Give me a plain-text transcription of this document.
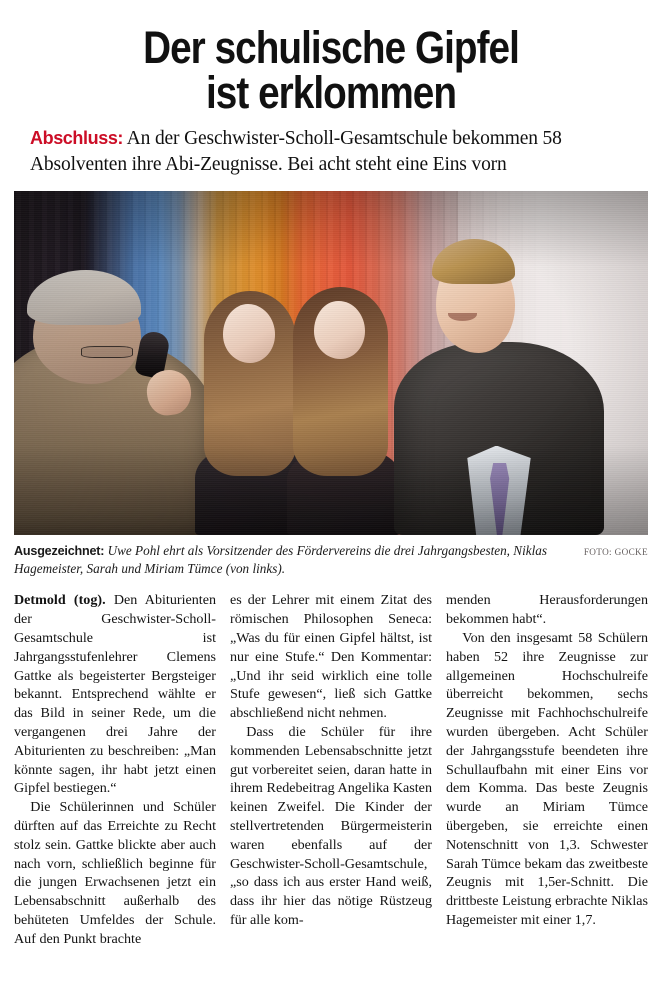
Der schulische Gipfel
ist erklommen

Abschluss: An der Geschwister-Scholl-Gesamtschule bekommen 58 Absolventen ihre Abi-Zeugnisse. Bei acht steht eine Eins vorn

FOTO: GOCKE
Ausgezeichnet: Uwe Pohl ehrt als Vorsitzender des Fördervereins die drei Jahrgangsbesten, Niklas Hagemeister, Sarah und Miriam Tümce (von links).

Detmold (tog). Den Abiturienten der Geschwister-Scholl-Gesamtschule ist Jahrgangsstufenlehrer Clemens Gattke als begeisterter Bergsteiger bekannt. Entsprechend wählte er das Bild in seiner Rede, um die vergangenen drei Jahre der Abiturienten zu beschreiben: „Man könnte sagen, ihr habt jetzt einen Gipfel bestiegen.“

Die Schülerinnen und Schüler dürften auf das Erreichte zu Recht stolz sein. Gattke blickte aber auch nach vorn, schließlich beginne für die jungen Erwachsenen jetzt ein Lebensabschnitt außerhalb des behüteten Umfeldes der Schule. Auf den Punkt brachte

es der Lehrer mit einem Zitat des römischen Philosophen Seneca: „Was du für einen Gipfel hältst, ist nur eine Stufe.“ Den Kommentar: „Und ihr seid wirklich eine tolle Stufe gewesen“, ließ sich Gattke abschließend nicht nehmen.

Dass die Schüler für ihre kommenden Lebensabschnitte jetzt gut vorbereitet seien, daran hatte in ihrem Redebeitrag Angelika Kasten keinen Zweifel. Die Kinder der stellvertretenden Bürgermeisterin waren ebenfalls auf der Geschwister-Scholl-Gesamtschule, „so dass ich aus erster Hand weiß, dass ihr hier das nötige Rüstzeug für alle kom-

menden Herausforderungen bekommen habt“.

Von den insgesamt 58 Schülern haben 52 ihre Zeugnisse zur allgemeinen Hochschulreife überreicht bekommen, sechs Zeugnisse mit Fachhochschulreife wurden übergeben. Acht Schüler der Jahrgangsstufe beendeten ihre Schullaufbahn mit einer Eins vor dem Komma. Das beste Zeugnis wurde an Miriam Tümce übergeben, sie erreichte einen Notenschnitt von 1,3. Schwester Sarah Tümce bekam das zweitbeste Zeugnis mit 1,5er-Schnitt. Die drittbeste Leistung erbrachte Niklas Hagemeister mit einer 1,7.
